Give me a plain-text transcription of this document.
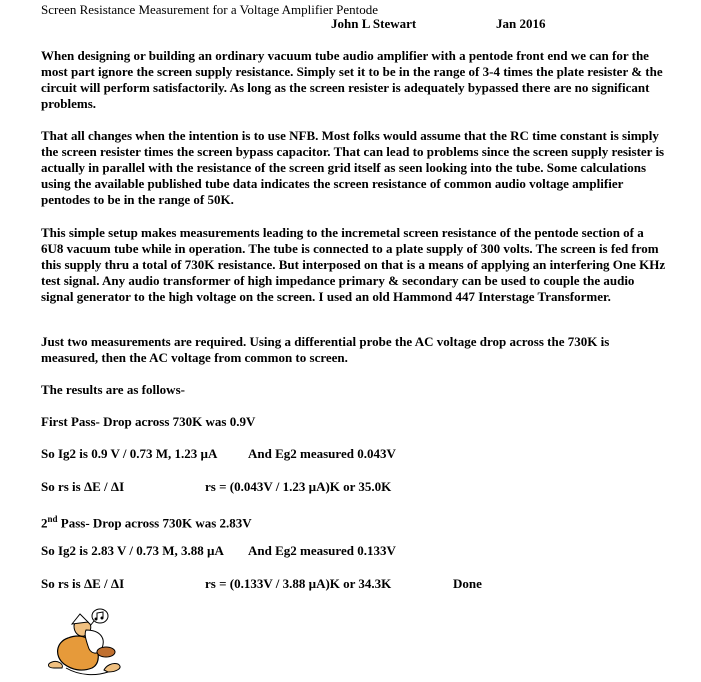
Screen Resistance Measurement for a Voltage Amplifier Pentode
John L Stewart	Jan 2016
When designing or building an ordinary vacuum tube audio amplifier with a pentode front end we can for the most part ignore the screen supply resistance. Simply set it to be in the range of 3-4 times the plate resister & the circuit will perform satisfactorily. As long as the screen resister is adequately bypassed there are no significant problems.
That all changes when the intention is to use NFB. Most folks would assume that the RC time constant is simply the screen resister times the screen bypass capacitor. That can lead to problems since the screen supply resister is actually in parallel with the resistance of the screen grid itself as seen looking into the tube. Some calculations using the available published tube data indicates the screen resistance of common audio voltage amplifier pentodes to be in the range of 50K.
This simple setup makes measurements leading to the incremetal screen resistance of the pentode section of a 6U8 vacuum tube while in operation. The tube is connected to a plate supply of 300 volts. The screen is fed from this supply thru a total of 730K resistance. But interposed on that is a means of applying an interfering One KHz test signal. Any audio transformer of high impedance primary & secondary can be used to couple the audio signal generator to the high voltage on the screen. I used an old Hammond 447 Interstage Transformer.
Just two measurements are required. Using a differential probe the AC voltage drop across the 730K is measured, then the AC voltage from common to screen.
The results are as follows-
First Pass- Drop across 730K was 0.9V
So Ig2 is 0.9 V / 0.73 M, 1.23 µA And Eg2 measured 0.043V
So rs is ΔE / ΔI	rs = (0.043V / 1.23 µA)K or 35.0K
2nd Pass- Drop across 730K was 2.83V
So Ig2 is 2.83 V / 0.73 M, 3.88 µA And Eg2 measured 0.133V
So rs is ΔE / ΔI	rs = (0.133V / 3.88 µA)K or 34.3K	Done
